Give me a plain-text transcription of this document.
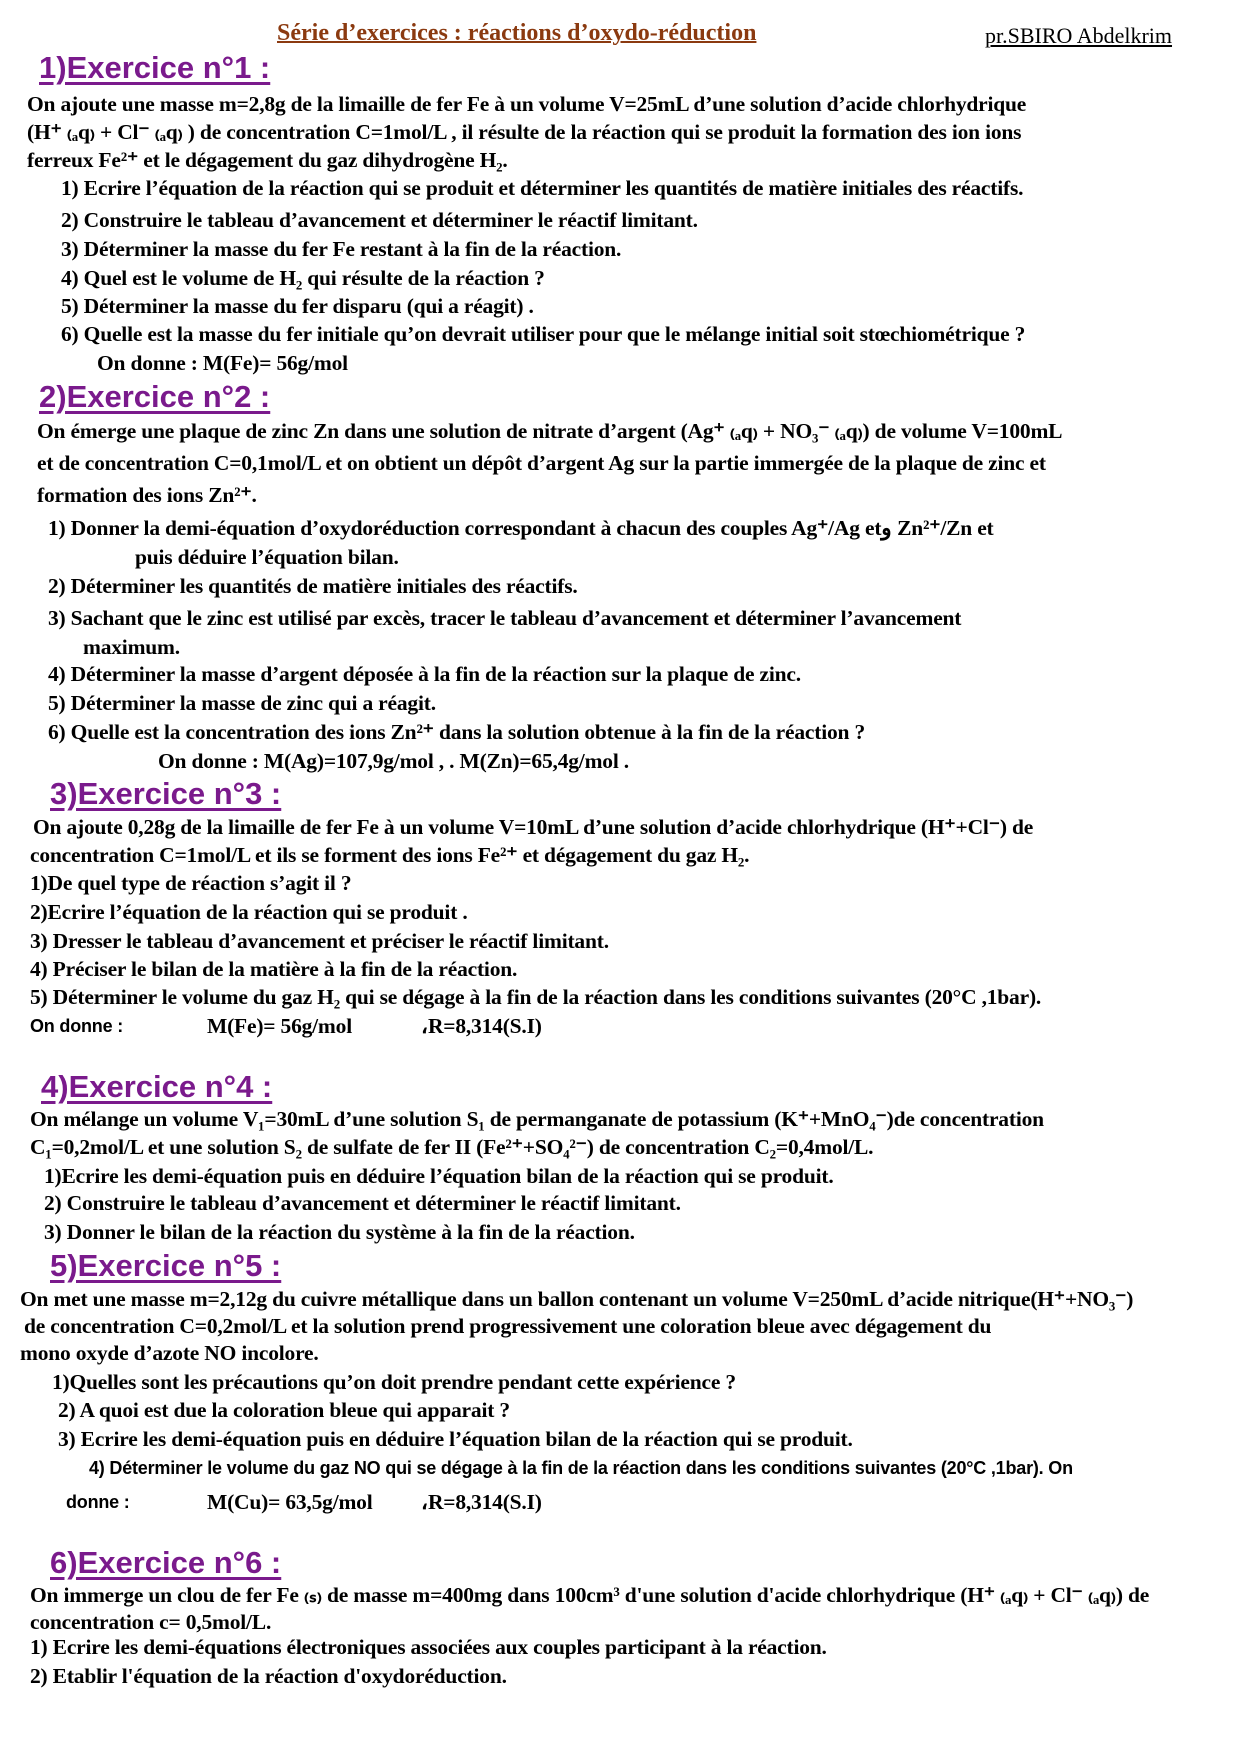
Série d’exercices : réactions d’oxydo-réduction	pr.SBIRO Abdelkrim
1)Exercice n°1 :
On ajoute une masse m=2,8g de la limaille de fer Fe à un volume V=25mL d’une solution d’acide chlorhydrique
(H⁺ ₍ₐq₎ + Cl⁻ ₍ₐq₎ ) de concentration C=1mol/L , il résulte de la réaction qui se produit la formation des ion ions
ferreux Fe²⁺ et le dégagement du gaz dihydrogène H₂.
1) Ecrire l’équation de la réaction qui se produit et déterminer les quantités de matière initiales des réactifs.
2) Construire le tableau d’avancement et déterminer le réactif limitant.
3) Déterminer la masse du fer Fe restant à la fin de la réaction.
4) Quel est le volume de H₂ qui résulte de la réaction ?
5) Déterminer la masse du fer disparu (qui a réagit) .
6) Quelle est la masse du fer initiale qu’on devrait utiliser pour que le mélange initial soit stœchiométrique ?
On donne : M(Fe)= 56g/mol
2)Exercice n°2 :
On émerge une plaque de zinc Zn dans une solution de nitrate d’argent (Ag⁺ ₍ₐq₎ + NO₃⁻ ₍ₐq₎) de volume V=100mL
et de concentration C=0,1mol/L et on obtient un dépôt d’argent Ag sur la partie immergée de la plaque de zinc et
formation des ions Zn²⁺.
1) Donner la demi-équation d’oxydoréduction correspondant à chacun des couples Ag⁺/Ag etو Zn²⁺/Zn et
puis déduire l’équation bilan.
2) Déterminer les quantités de matière initiales des réactifs.
3) Sachant que le zinc est utilisé par excès, tracer le tableau d’avancement et déterminer l’avancement
maximum.
4) Déterminer la masse d’argent déposée à la fin de la réaction sur la plaque de zinc.
5) Déterminer la masse de zinc qui a réagit.
6) Quelle est la concentration des ions Zn²⁺ dans la solution obtenue à la fin de la réaction ?
On donne : M(Ag)=107,9g/mol , . M(Zn)=65,4g/mol .
3)Exercice n°3 :
On ajoute 0,28g de la limaille de fer Fe à un volume V=10mL d’une solution d’acide chlorhydrique (H⁺+Cl⁻) de
concentration C=1mol/L et ils se forment des ions Fe²⁺ et dégagement du gaz H₂.
1)De quel type de réaction s’agit il ?
2)Ecrire l’équation de la réaction qui se produit .
3) Dresser le tableau d’avancement et préciser le réactif limitant.
4) Préciser le bilan de la matière à la fin de la réaction.
5) Déterminer le volume du gaz H₂ qui se dégage à la fin de la réaction dans les conditions suivantes (20°C ,1bar).
On donne :	M(Fe)= 56g/mol	،R=8,314(S.I)
4)Exercice n°4 :
On mélange un volume V₁=30mL d’une solution S₁ de permanganate de potassium (K⁺+MnO₄⁻)de concentration
C₁=0,2mol/L et une solution S₂ de sulfate de fer II (Fe²⁺+SO₄²⁻) de concentration C₂=0,4mol/L.
1)Ecrire les demi-équation puis en déduire l’équation bilan de la réaction qui se produit.
2) Construire le tableau d’avancement et déterminer le réactif limitant.
3) Donner le bilan de la réaction du système à la fin de la réaction.
5)Exercice n°5 :
On met une masse m=2,12g du cuivre métallique dans un ballon contenant un volume V=250mL d’acide nitrique(H⁺+NO₃⁻)
de concentration C=0,2mol/L et la solution prend progressivement une coloration bleue avec dégagement du
mono oxyde d’azote NO incolore.
1)Quelles sont les précautions qu’on doit prendre pendant cette expérience ?
2) A quoi est due la coloration bleue qui apparait ?
3) Ecrire les demi-équation puis en déduire l’équation bilan de la réaction qui se produit.
4) Déterminer le volume du gaz NO qui se dégage à la fin de la réaction dans les conditions suivantes (20°C ,1bar). On
donne :	M(Cu)= 63,5g/mol ،R=8,314(S.I)
6)Exercice n°6 :
On immerge un clou de fer Fe ₍ₛ₎ de masse m=400mg dans 100cm³ d'une solution d'acide chlorhydrique (H⁺ ₍ₐq₎ + Cl⁻ ₍ₐq₎) de
concentration c= 0,5mol/L.
1) Ecrire les demi-équations électroniques associées aux couples participant à la réaction.
2) Etablir l'équation de la réaction d'oxydoréduction.
